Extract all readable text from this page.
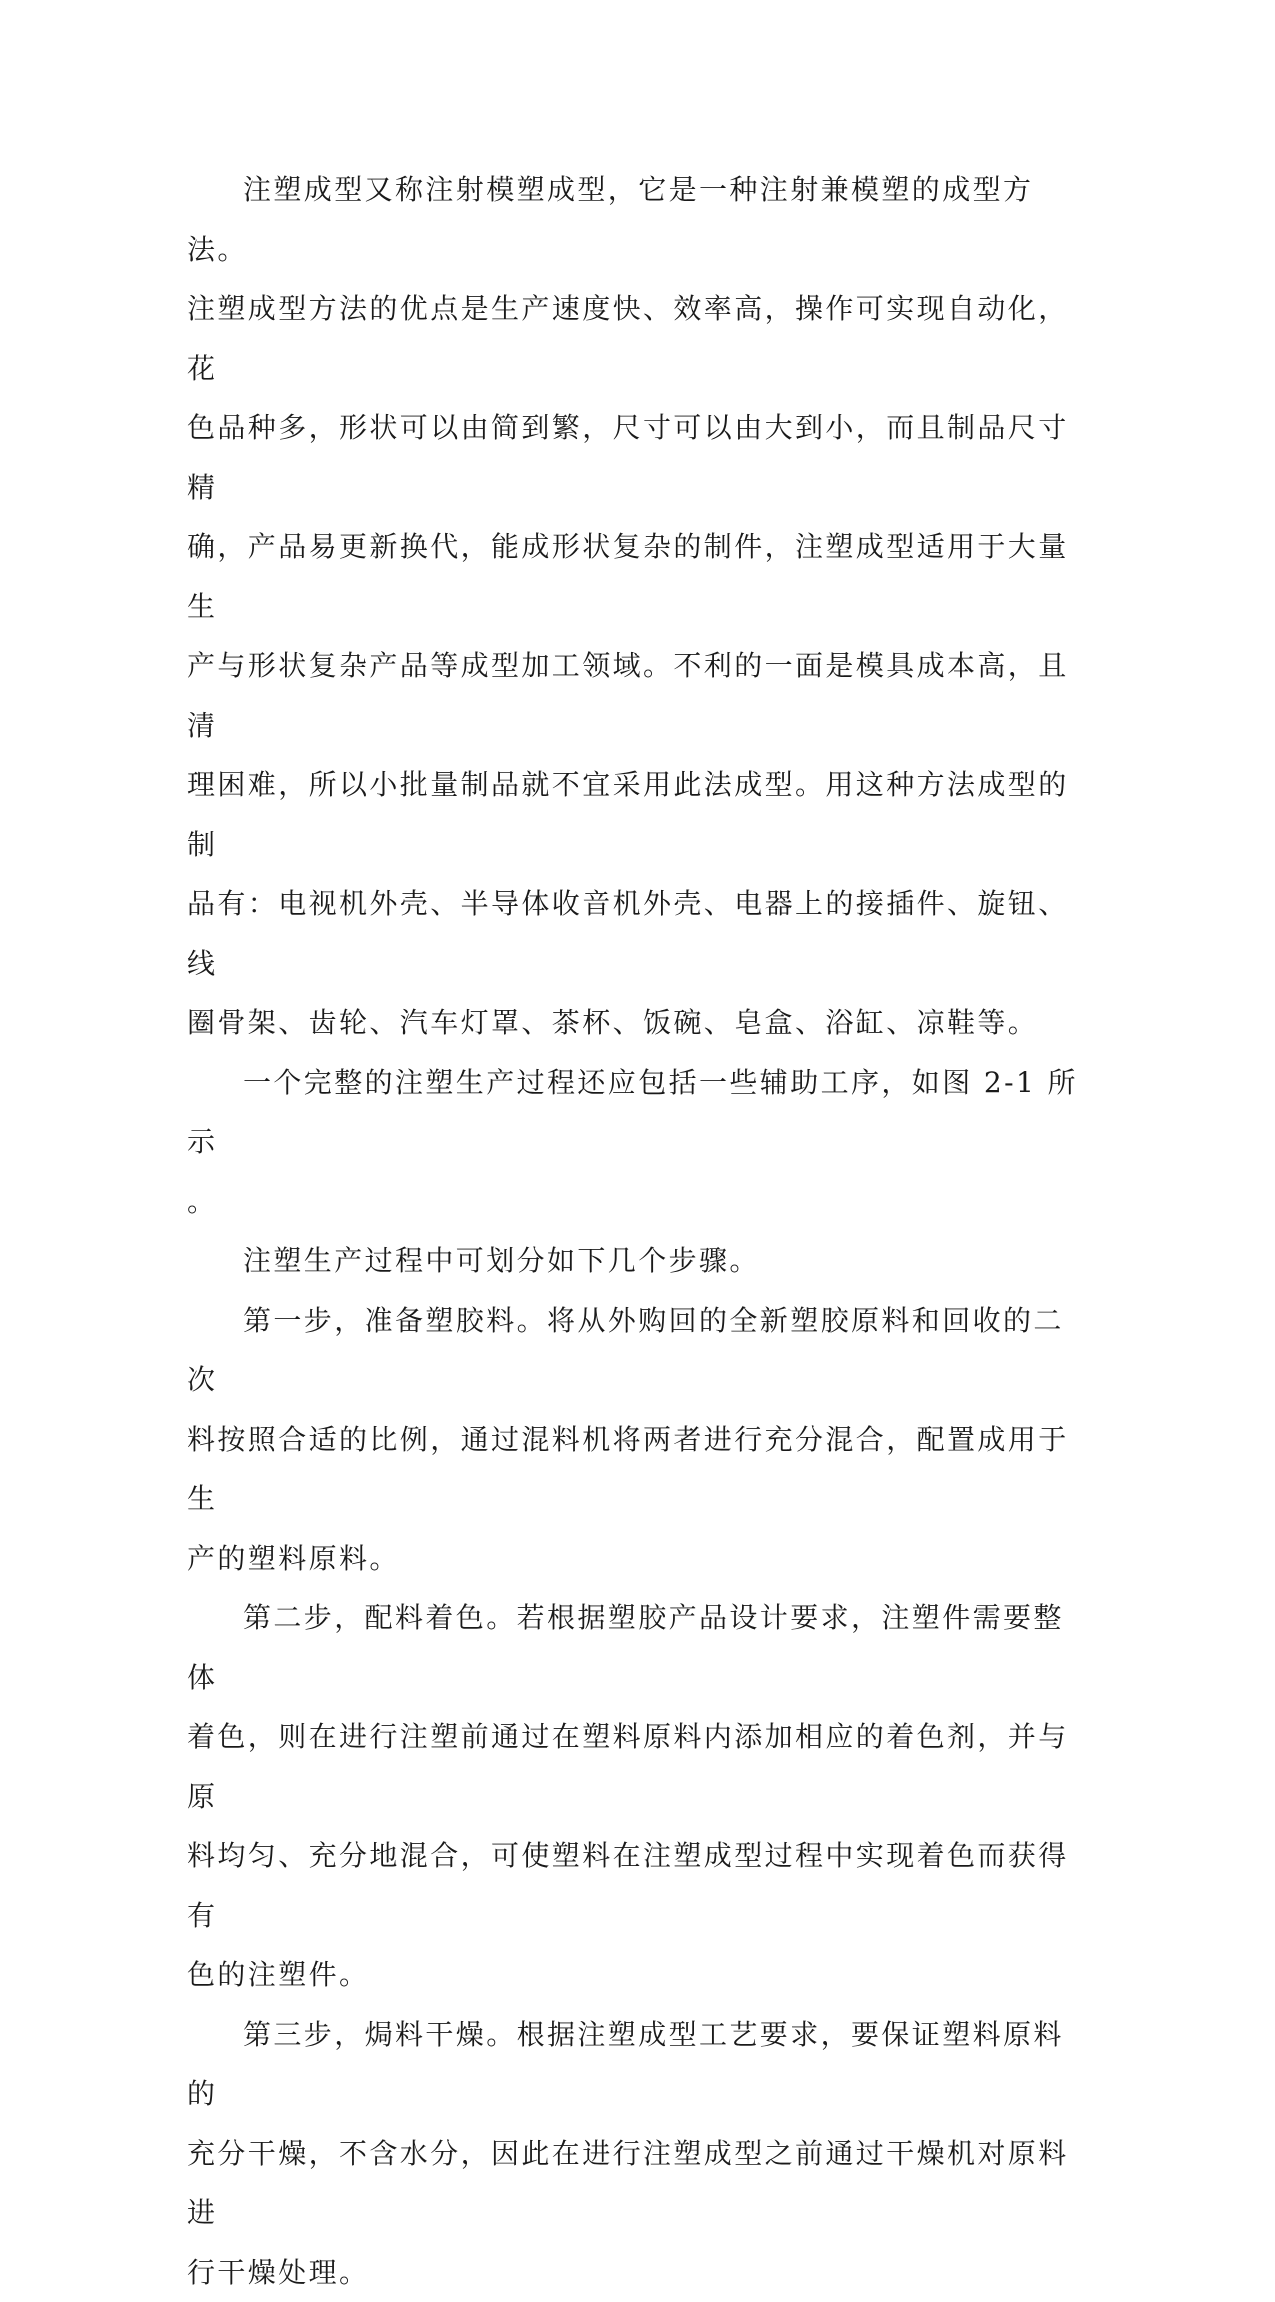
注塑成型又称注射模塑成型，它是一种注射兼模塑的成型方法。
注塑成型方法的优点是生产速度快、效率高，操作可实现自动化，花
色品种多，形状可以由简到繁，尺寸可以由大到小，而且制品尺寸精
确，产品易更新换代，能成形状复杂的制件，注塑成型适用于大量生
产与形状复杂产品等成型加工领域。不利的一面是模具成本高，且清
理困难，所以小批量制品就不宜采用此法成型。用这种方法成型的制
品有：电视机外壳、半导体收音机外壳、电器上的接插件、旋钮、线
圈骨架、齿轮、汽车灯罩、茶杯、饭碗、皂盒、浴缸、凉鞋等。

一个完整的注塑生产过程还应包括一些辅助工序，如图 2-1 所示
。

注塑生产过程中可划分如下几个步骤。

第一步，准备塑胶料。将从外购回的全新塑胶原料和回收的二次
料按照合适的比例，通过混料机将两者进行充分混合，配置成用于生
产的塑料原料。

第二步，配料着色。若根据塑胶产品设计要求，注塑件需要整体
着色，则在进行注塑前通过在塑料原料内添加相应的着色剂，并与原
料均匀、充分地混合，可使塑料在注塑成型过程中实现着色而获得有
色的注塑件。

第三步，焗料干燥。根据注塑成型工艺要求，要保证塑料原料的
充分干燥，不含水分，因此在进行注塑成型之前通过干燥机对原料进
行干燥处理。
